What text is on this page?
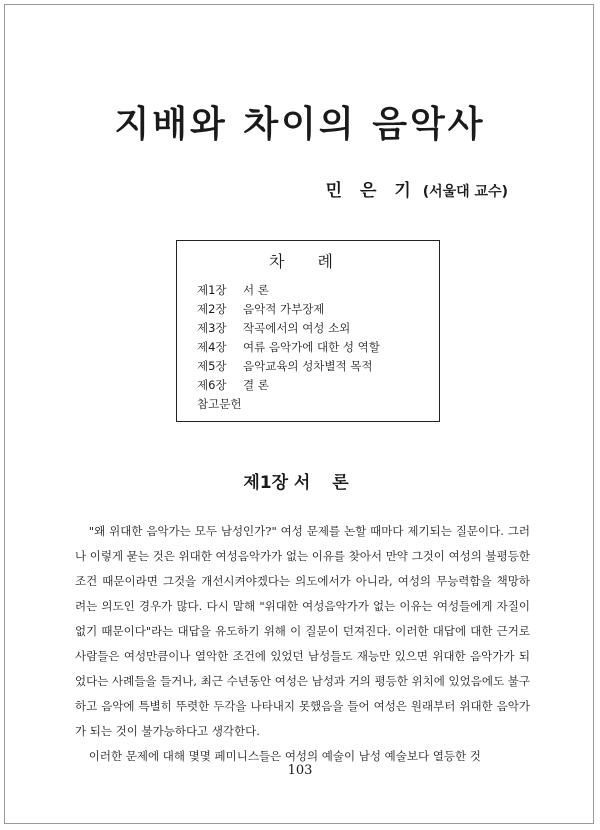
지배와 차이의 음악사
민 은 기 (서울대 교수)
차 례
제1장 서 론
제2장 음악적 가부장제
제3장 작곡에서의 여성 소외
제4장 여류 음악가에 대한 성 역할
제5장 음악교육의 성차별적 목적
제6장 결 론
참고문헌
제1장 서 론

"왜 위대한 음악가는 모두 남성인가?" 여성 문제를 논할 때마다 제기되는 질문이다. 그러나 이렇게 묻는 것은 위대한 여성음악가가 없는 이유를 찾아서 만약 그것이 여성의 불평등한 조건 때문이라면 그것을 개선시켜야겠다는 의도에서가 아니라, 여성의 무능력함을 책망하려는 의도인 경우가 많다. 다시 말해 "위대한 여성음악가가 없는 이유는 여성들에게 자질이 없기 때문이다"라는 대답을 유도하기 위해 이 질문이 던져진다. 이러한 대답에 대한 근거로 사람들은 여성만큼이나 열악한 조건에 있었던 남성들도 재능만 있으면 위대한 음악가가 되었다는 사례들을 들거나, 최근 수년동안 여성은 남성과 거의 평등한 위치에 있었음에도 불구하고 음악에 특별히 뚜렷한 두각을 나타내지 못했음을 들어 여성은 원래부터 위대한 음악가가 되는 것이 불가능하다고 생각한다.

이러한 문제에 대해 몇몇 페미니스들은 여성의 예술이 남성 예술보다 열등한 것

103
